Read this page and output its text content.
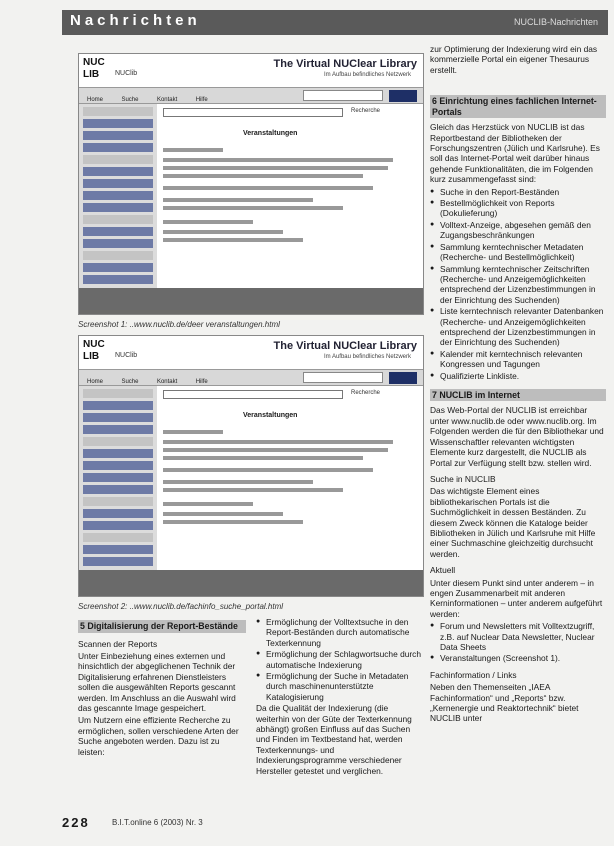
Nachrichten	NUCLIB-Nachrichten
NUC LIB	NUClib
The Virtual NUClear Library
Im Aufbau befindliches Netzwerk
Home	Suche	Kontakt	Hilfe
Recherche
Veranstaltungen
Screenshot 1: ..www.nuclib.de/deer veranstaltungen.html
NUC LIB	NUClib
The Virtual NUClear Library
Im Aufbau befindliches Netzwerk
Home	Suche	Kontakt	Hilfe
Recherche
Veranstaltungen
Screenshot 2: ..www.nuclib.de/fachinfo_suche_portal.html
5 Digitalisierung der Report-Bestände

Scannen der Reports

Unter Einbeziehung eines externen und hinsichtlich der abgeglichenen Technik der Digitalisierung erfahrenen Dienstleisters sollen die ausgewählten Reports gescannt werden. Im Anschluss an die Auswahl wird das gescannte Image gespeichert.

Um Nutzern eine effiziente Recherche zu ermöglichen, sollen verschiedene Arten der Suche angeboten werden. Dazu ist zu leisten:

● Ermöglichung der Volltextsuche in den Report-Beständen durch automatische Texterkennung
● Ermöglichung der Schlagwortsuche durch automatische Indexierung
● Ermöglichung der Suche in Metadaten durch maschinenunterstützte Katalogisierung

Da die Qualität der Indexierung (die weiterhin von der Güte der Texterkennung abhängt) großen Einfluss auf das Suchen und Finden im Textbestand hat, werden Texterkennungs- und Indexierungsprogramme verschiedener Hersteller getestet und verglichen.

zur Optimierung der Indexierung wird ein das kommerzielle Portal ein eigener Thesaurus erstellt.

6 Einrichtung eines fachlichen Internet-Portals

Gleich das Herzstück von NUCLIB ist das Reportbestand der Bibliotheken der Forschungszentren (Jülich und Karlsruhe). Es soll das Internet-Portal weit darüber hinaus gehende Funktionalitäten, die im Folgenden kurz zusammengefasst sind:

● Suche in den Report-Beständen
● Bestellmöglichkeit von Reports (Dokulieferung)
● Volltext-Anzeige, abgesehen gemäß den Zugangsbeschränkungen
● Sammlung kerntechnischer Metadaten (Recherche- und Bestellmöglichkeit)
● Sammlung kerntechnischer Zeitschriften (Recherche- und Anzeigemöglichkeiten entsprechend der Lizenzbestimmungen in der Einrichtung des Suchenden)
● Liste kerntechnisch relevanter Datenbanken (Recherche- und Anzeigemöglichkeiten entsprechend der Lizenzbestimmungen in der Einrichtung des Suchenden)
● Kalender mit kerntechnisch relevanten Kongressen und Tagungen
● Qualifizierte Linkliste.
7 NUCLIB im Internet

Das Web-Portal der NUCLIB ist erreichbar unter www.nuclib.de oder www.nuclib.org. Im Folgenden werden die für den Bibliothekar und Wissenschaftler relevanten wichtigsten Elemente kurz dargestellt, die NUCLIB als Portal zur Verfügung stellt bzw. stellen wird.

Suche in NUCLIB

Das wichtigste Element eines bibliothekarischen Portals ist die Suchmöglichkeit in dessen Beständen. Zu diesem Zweck können die Kataloge beider Bibliotheken in Jülich und Karlsruhe mit Hilfe einer Suchmaschine gleichzeitig durchsucht werden.

Aktuell

Unter diesem Punkt sind unter anderem – in engen Zusammenarbeit mit anderen Kerninformationen – unter anderem aufgeführt werden:

● Forum und Newsletters mit Volltextzugriff, z.B. auf Nuclear Data Newsletter, Nuclear Data Sheets
● Veranstaltungen (Screenshot 1).

Fachinformation / Links

Neben den Themenseiten „IAEA Fachinformation“ und „Reports“ bzw. „Kernenergie und Reaktortechnik“ bietet NUCLIB unter

228	B.I.T.online 6 (2003) Nr. 3
